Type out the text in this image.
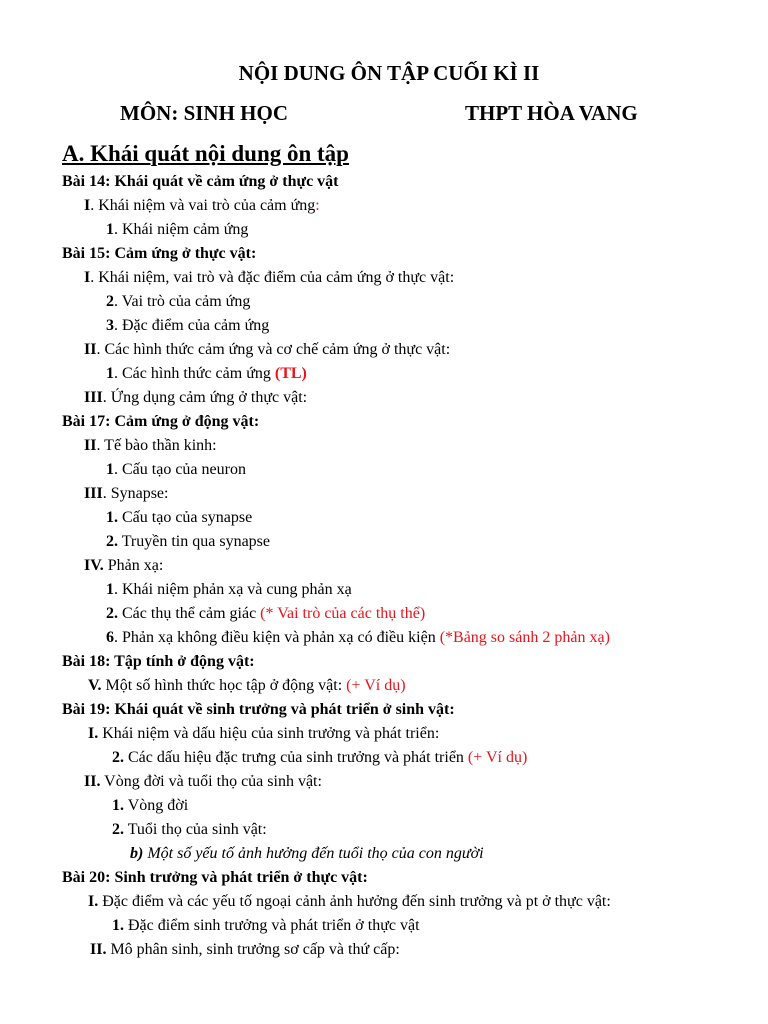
NỘI DUNG ÔN TẬP CUỐI KÌ II
MÔN: SINH HỌC	THPT HÒA VANG
A. Khái quát nội dung ôn tập
Bài 14: Khái quát về cảm ứng ở thực vật
I. Khái niệm và vai trò của cảm ứng:
1. Khái niệm cảm ứng
Bài 15: Cảm ứng ở thực vật:
I. Khái niệm, vai trò và đặc điểm của cảm ứng ở thực vật:
2. Vai trò của cảm ứng
3. Đặc điểm của cảm ứng
II. Các hình thức cảm ứng và cơ chế cảm ứng ở thực vật:
1. Các hình thức cảm ứng (TL)
III. Ứng dụng cảm ứng ở thực vật:
Bài 17: Cảm ứng ở động vật:
II. Tế bào thần kinh:
1. Cấu tạo của neuron
III. Synapse:
1. Cấu tạo của synapse
2. Truyền tin qua synapse
IV. Phản xạ:
1. Khái niệm phản xạ và cung phản xạ
2. Các thụ thể cảm giác (* Vai trò của các thụ thể)
6. Phản xạ không điều kiện và phản xạ có điều kiện (*Bảng so sánh 2 phản xạ)
Bài 18: Tập tính ở động vật:
V. Một số hình thức học tập ở động vật: (+ Ví dụ)
Bài 19: Khái quát về sinh trưởng và phát triển ở sinh vật:
I. Khái niệm và dấu hiệu của sinh trưởng và phát triển:
2. Các dấu hiệu đặc trưng của sinh trưởng và phát triển (+ Ví dụ)
II. Vòng đời và tuổi thọ của sinh vật:
1. Vòng đời
2. Tuổi thọ của sinh vật:
b) Một số yếu tố ảnh hưởng đến tuổi thọ của con người
Bài 20: Sinh trưởng và phát triển ở thực vật:
I. Đặc điểm và các yếu tố ngoại cảnh ảnh hưởng đến sinh trưởng và pt ở thực vật:
1. Đặc điểm sinh trưởng và phát triển ở thực vật
II. Mô phân sinh, sinh trưởng sơ cấp và thứ cấp:
